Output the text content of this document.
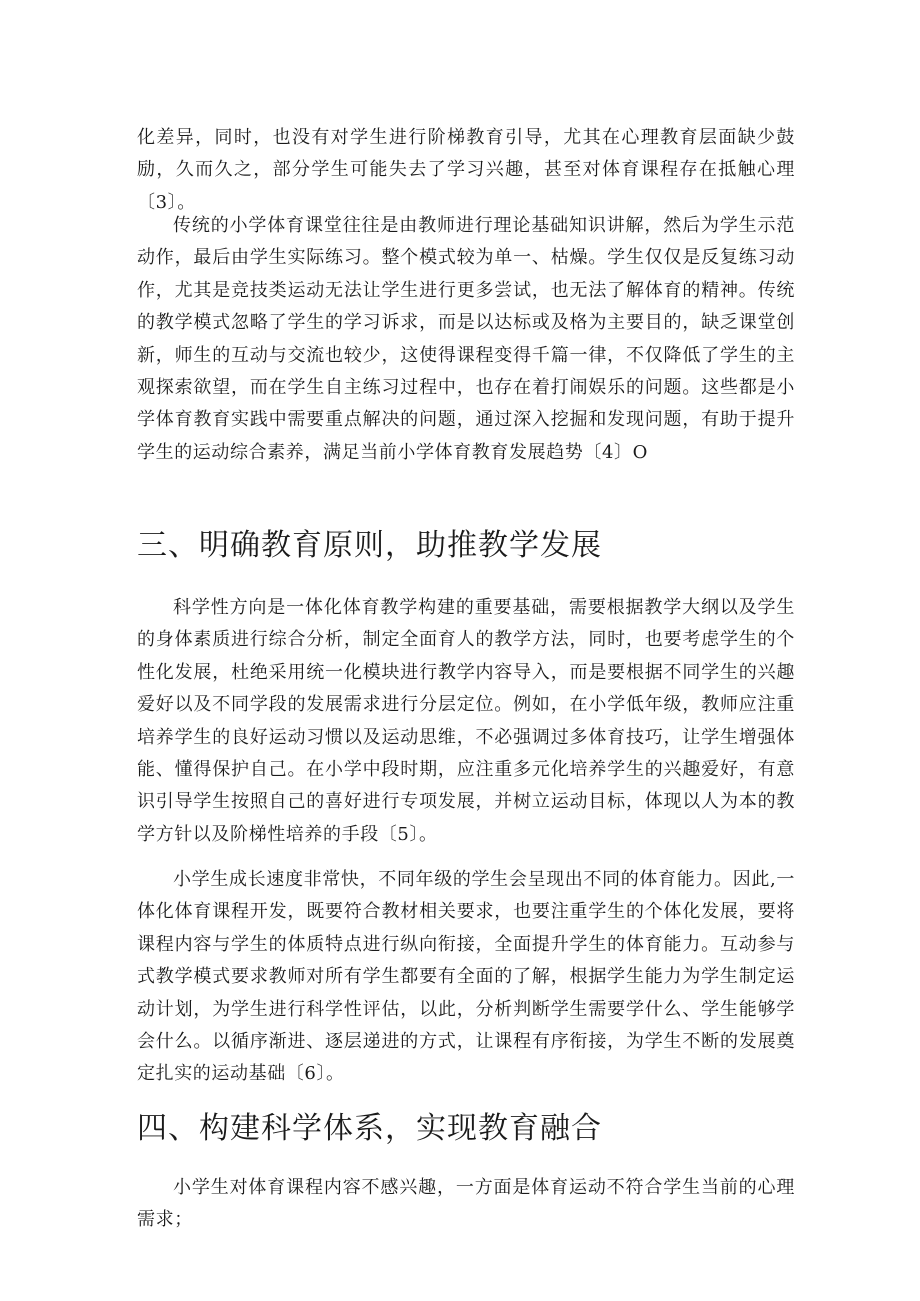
化差异，同时，也没有对学生进行阶梯教育引导，尤其在心理教育层面缺少鼓励，久而久之，部分学生可能失去了学习兴趣，甚至对体育课程存在抵触心理〔3〕。

传统的小学体育课堂往往是由教师进行理论基础知识讲解，然后为学生示范动作，最后由学生实际练习。整个模式较为单一、枯燥。学生仅仅是反复练习动作，尤其是竞技类运动无法让学生进行更多尝试，也无法了解体育的精神。传统的教学模式忽略了学生的学习诉求，而是以达标或及格为主要目的，缺乏课堂创新，师生的互动与交流也较少，这使得课程变得千篇一律，不仅降低了学生的主观探索欲望，而在学生自主练习过程中，也存在着打闹娱乐的问题。这些都是小学体育教育实践中需要重点解决的问题，通过深入挖掘和发现问题，有助于提升学生的运动综合素养，满足当前小学体育教育发展趋势〔4〕O

三、明确教育原则，助推教学发展

科学性方向是一体化体育教学构建的重要基础，需要根据教学大纲以及学生的身体素质进行综合分析，制定全面育人的教学方法，同时，也要考虑学生的个性化发展，杜绝采用统一化模块进行教学内容导入，而是要根据不同学生的兴趣爱好以及不同学段的发展需求进行分层定位。例如，在小学低年级，教师应注重培养学生的良好运动习惯以及运动思维，不必强调过多体育技巧，让学生增强体能、懂得保护自己。在小学中段时期，应注重多元化培养学生的兴趣爱好，有意识引导学生按照自己的喜好进行专项发展，并树立运动目标，体现以人为本的教学方针以及阶梯性培养的手段〔5〕。

小学生成长速度非常快，不同年级的学生会呈现出不同的体育能力。因此,一体化体育课程开发，既要符合教材相关要求，也要注重学生的个体化发展，要将课程内容与学生的体质特点进行纵向衔接，全面提升学生的体育能力。互动参与式教学模式要求教师对所有学生都要有全面的了解，根据学生能力为学生制定运动计划，为学生进行科学性评估，以此，分析判断学生需要学什么、学生能够学会什么。以循序渐进、逐层递进的方式，让课程有序衔接，为学生不断的发展奠定扎实的运动基础〔6〕。

四、构建科学体系，实现教育融合

小学生对体育课程内容不感兴趣，一方面是体育运动不符合学生当前的心理需求；
